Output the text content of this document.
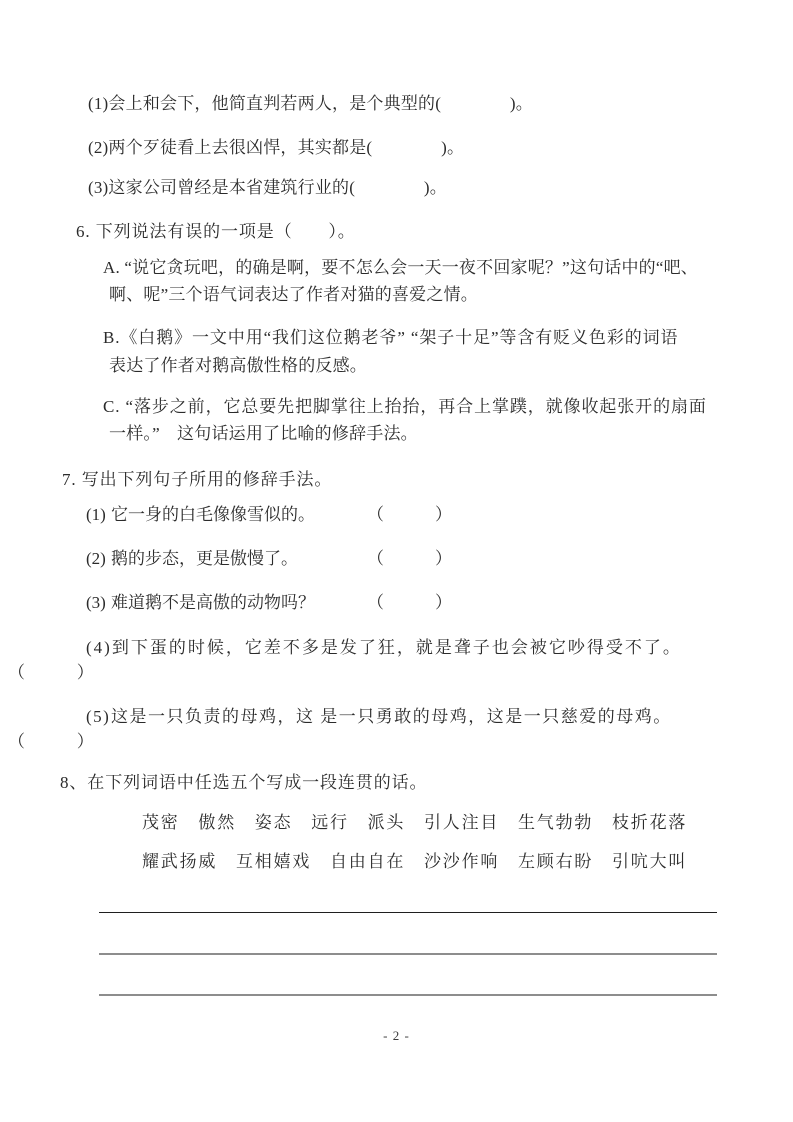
(1)会上和会下，他简直判若两人，是个典型的(　　　　)。
(2)两个歹徒看上去很凶悍，其实都是(　　　　)。
(3)这家公司曾经是本省建筑行业的(　　　　)。
6. 下列说法有误的一项是（　　）。
A. “说它贪玩吧，的确是啊，要不怎么会一天一夜不回家呢？”这句话中的“吧、
啊、呢”三个语气词表达了作者对猫的喜爱之情。
B.《白鹅》一文中用“我们这位鹅老爷” “架子十足”等含有贬义色彩的词语
表达了作者对鹅高傲性格的反感。
C. “落步之前，它总要先把脚掌往上抬抬，再合上掌蹼，就像收起张开的扇面
一样。”　这句话运用了比喻的修辞手法。
7. 写出下列句子所用的修辞手法。
(1) 它一身的白毛像像雪似的。	（　　　）
(2) 鹅的步态，更是傲慢了。	（　　　）
(3) 难道鹅不是高傲的动物吗？	（　　　）
(4)到下蛋的时候，它差不多是发了狂，就是聋子也会被它吵得受不了。
（　　　）
(5)这是一只负责的母鸡，这 是一只勇敢的母鸡，这是一只慈爱的母鸡。
（　　　）
8、在下列词语中任选五个写成一段连贯的话。
茂密　傲然　姿态　远行　派头　引人注目　生气勃勃　枝折花落
耀武扬威　互相嬉戏　自由自在　沙沙作响　左顾右盼　引吭大叫
- 2 -
